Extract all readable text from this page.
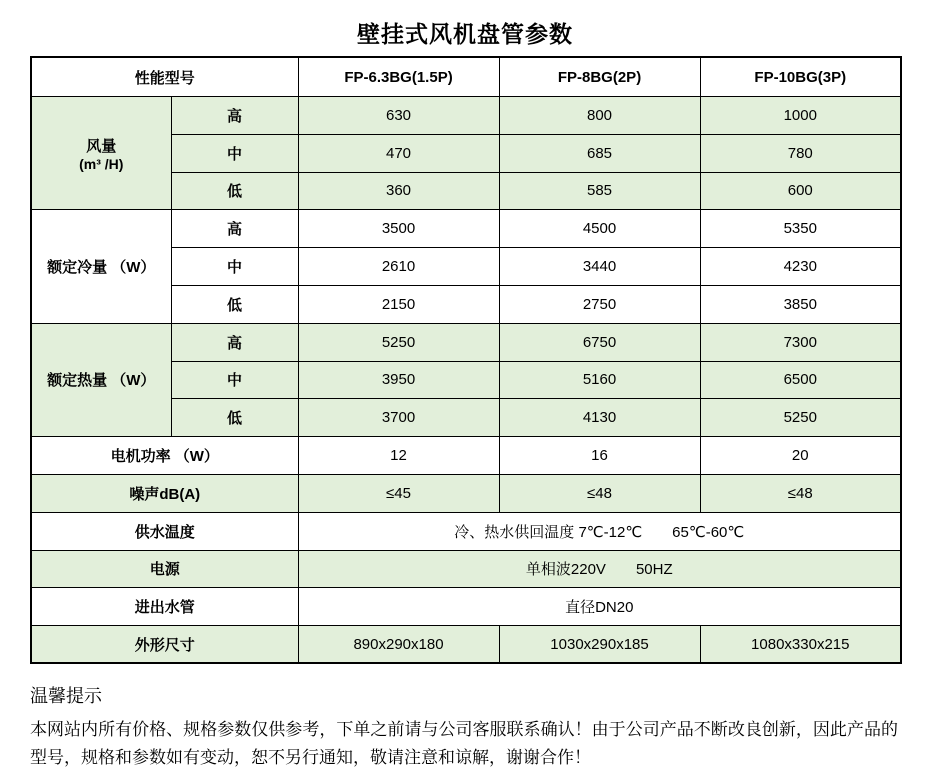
壁挂式风机盘管参数
性能型号		FP-6.3BG(1.5P)	FP-8BG(2P)	FP-10BG(3P)

风量
(m³ /H)	高	630	800	1000
	中	470	685	780
	低	360	585	600

额定冷量 （W）	高	3500	4500	5350
	中	2610	3440	4230
	低	2150	2750	3850

额定热量 （W）	高	5250	6750	7300
	中	3950	5160	6500
	低	3700	4130	5250
电机功率 （W）		12	16	20
噪声dB(A)		≤45	≤48	≤48
供水温度		冷、热水供回温度 7℃-12℃　　65℃-60℃		
电源		单相波220V　　50HZ		
进出水管		直径DN20		
外形尺寸		890x290x180	1030x290x185	1080x330x215
温馨提示

本网站内所有价格、规格参数仅供参考，下单之前请与公司客服联系确认！由于公司产品不断改良创新，因此产品的型号，规格和参数如有变动，恕不另行通知，敬请注意和谅解，谢谢合作！
